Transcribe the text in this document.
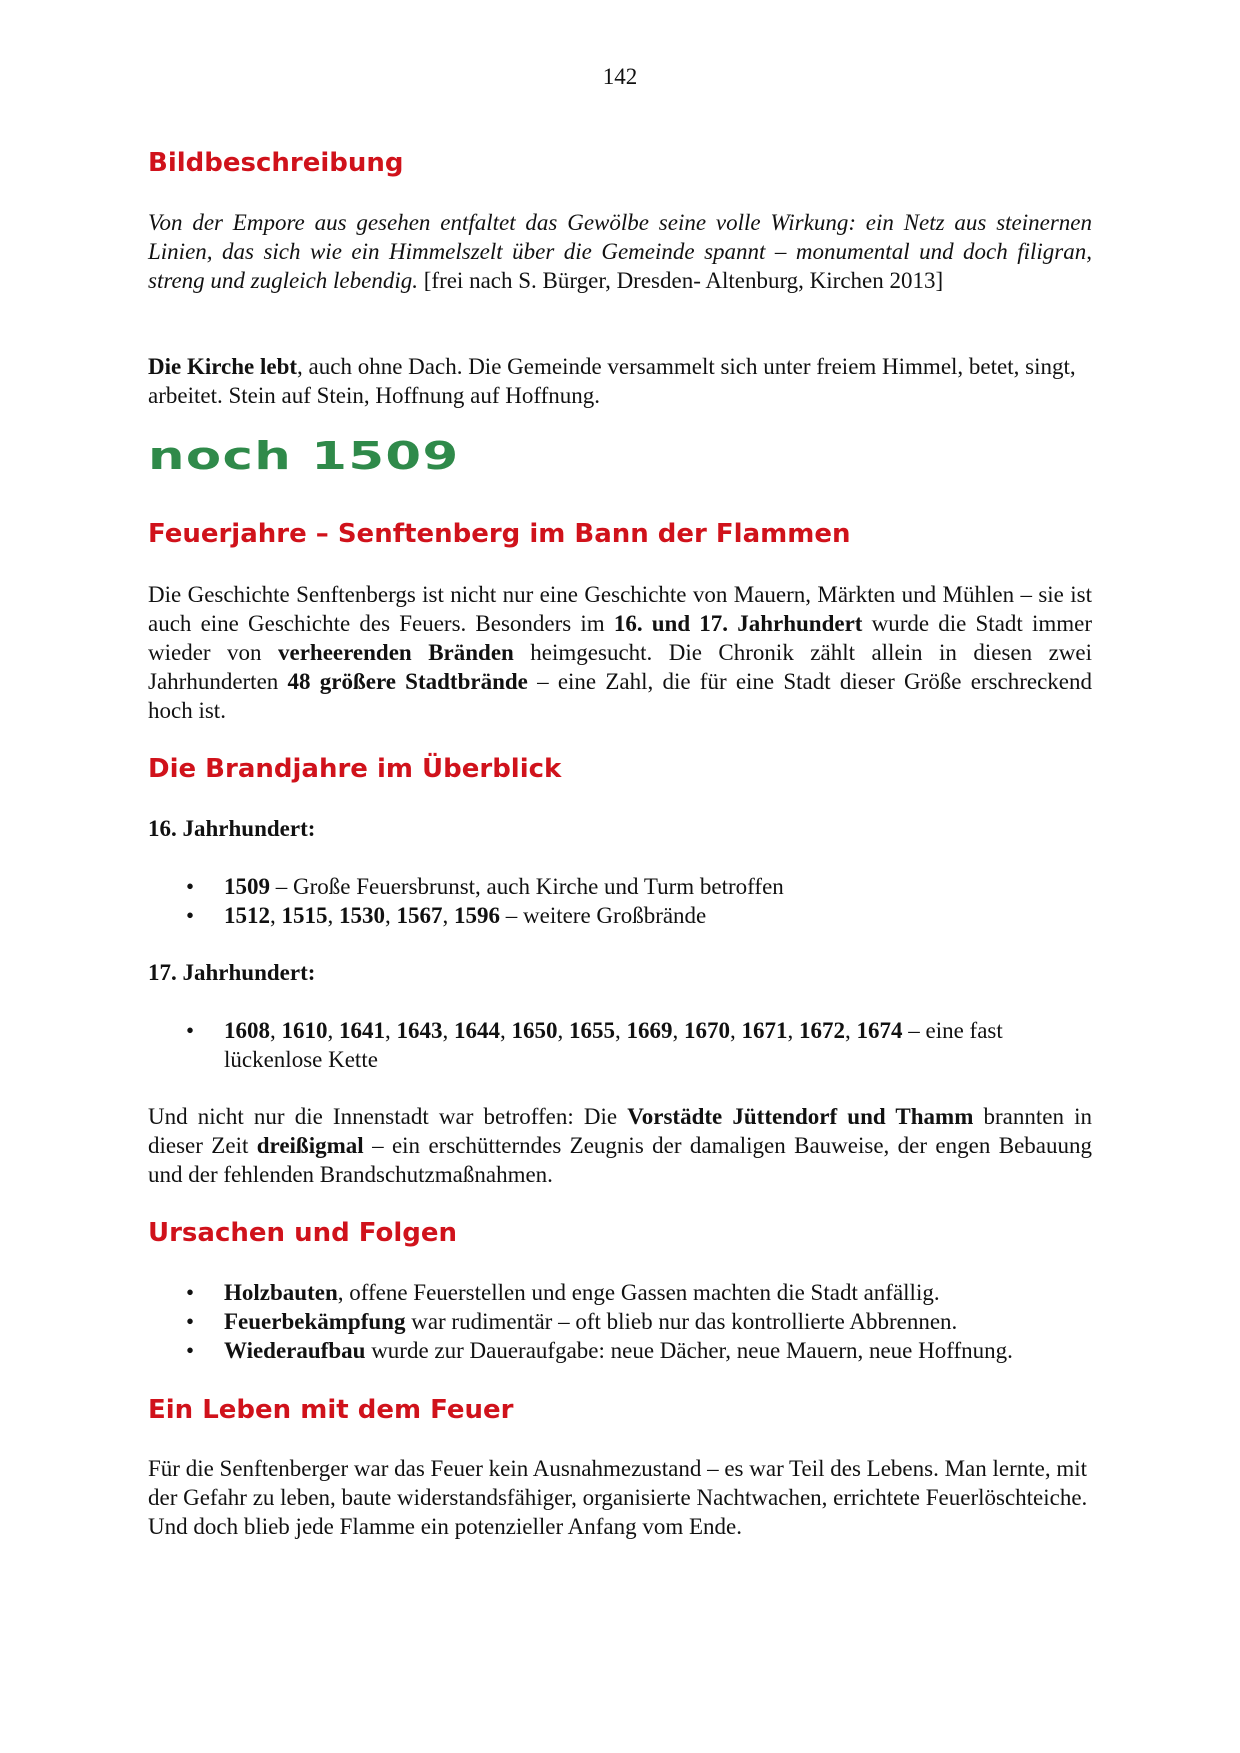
142
Bildbeschreibung

Von der Empore aus gesehen entfaltet das Gewölbe seine volle Wirkung: ein Netz aus steinernen Linien, das sich wie ein Himmelszelt über die Gemeinde spannt – monumental und doch filigran, streng und zugleich lebendig. [frei nach S. Bürger, Dresden- Altenburg, Kirchen 2013]

Die Kirche lebt, auch ohne Dach. Die Gemeinde versammelt sich unter freiem Himmel, betet, singt, arbeitet. Stein auf Stein, Hoffnung auf Hoffnung.

noch 1509
Feuerjahre – Senftenberg im Bann der Flammen

Die Geschichte Senftenbergs ist nicht nur eine Geschichte von Mauern, Märkten und Mühlen – sie ist auch eine Geschichte des Feuers. Besonders im 16. und 17. Jahrhundert wurde die Stadt immer wieder von verheerenden Bränden heimgesucht. Die Chronik zählt allein in diesen zwei Jahrhunderten 48 größere Stadtbrände – eine Zahl, die für eine Stadt dieser Größe erschreckend hoch ist.

Die Brandjahre im Überblick
16. Jahrhundert:
• 1509 – Große Feuersbrunst, auch Kirche und Turm betroffen
• 1512, 1515, 1530, 1567, 1596 – weitere Großbrände
17. Jahrhundert:
• 1608, 1610, 1641, 1643, 1644, 1650, 1655, 1669, 1670, 1671, 1672, 1674 – eine fast lückenlose Kette

Und nicht nur die Innenstadt war betroffen: Die Vorstädte Jüttendorf und Thamm brannten in dieser Zeit dreißigmal – ein erschütterndes Zeugnis der damaligen Bauweise, der engen Bebauung und der fehlenden Brandschutzmaßnahmen.

Ursachen und Folgen
• Holzbauten, offene Feuerstellen und enge Gassen machten die Stadt anfällig.
• Feuerbekämpfung war rudimentär – oft blieb nur das kontrollierte Abbrennen.
• Wiederaufbau wurde zur Daueraufgabe: neue Dächer, neue Mauern, neue Hoffnung.
Ein Leben mit dem Feuer

Für die Senftenberger war das Feuer kein Ausnahmezustand – es war Teil des Lebens. Man lernte, mit der Gefahr zu leben, baute widerstandsfähiger, organisierte Nachtwachen, errichtete Feuerlöschteiche. Und doch blieb jede Flamme ein potenzieller Anfang vom Ende.
